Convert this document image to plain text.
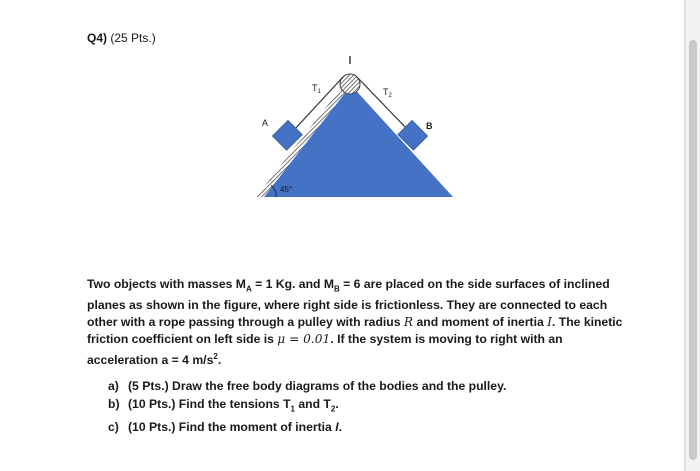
Q4) (25 Pts.)
$T_1$	$T_2$
A	B
45°
Two objects with masses $M_A = 1$ Kg. and $M_B = 6$ are placed on the side surfaces of inclined
planes as shown in the figure, where right side is frictionless. They are connected to each
other with a rope passing through a pulley with radius R and moment of inertia I. The kinetic
friction coefficient on left side is μ = 0.01. If the system is moving to right with an
acceleration a = 4 $m/s^2$.
a) (5 Pts.) Draw the free body diagrams of the bodies and the pulley.
b) (10 Pts.) Find the tensions $T_1$ and $T_2$.
c) (10 Pts.) Find the moment of inertia I.
